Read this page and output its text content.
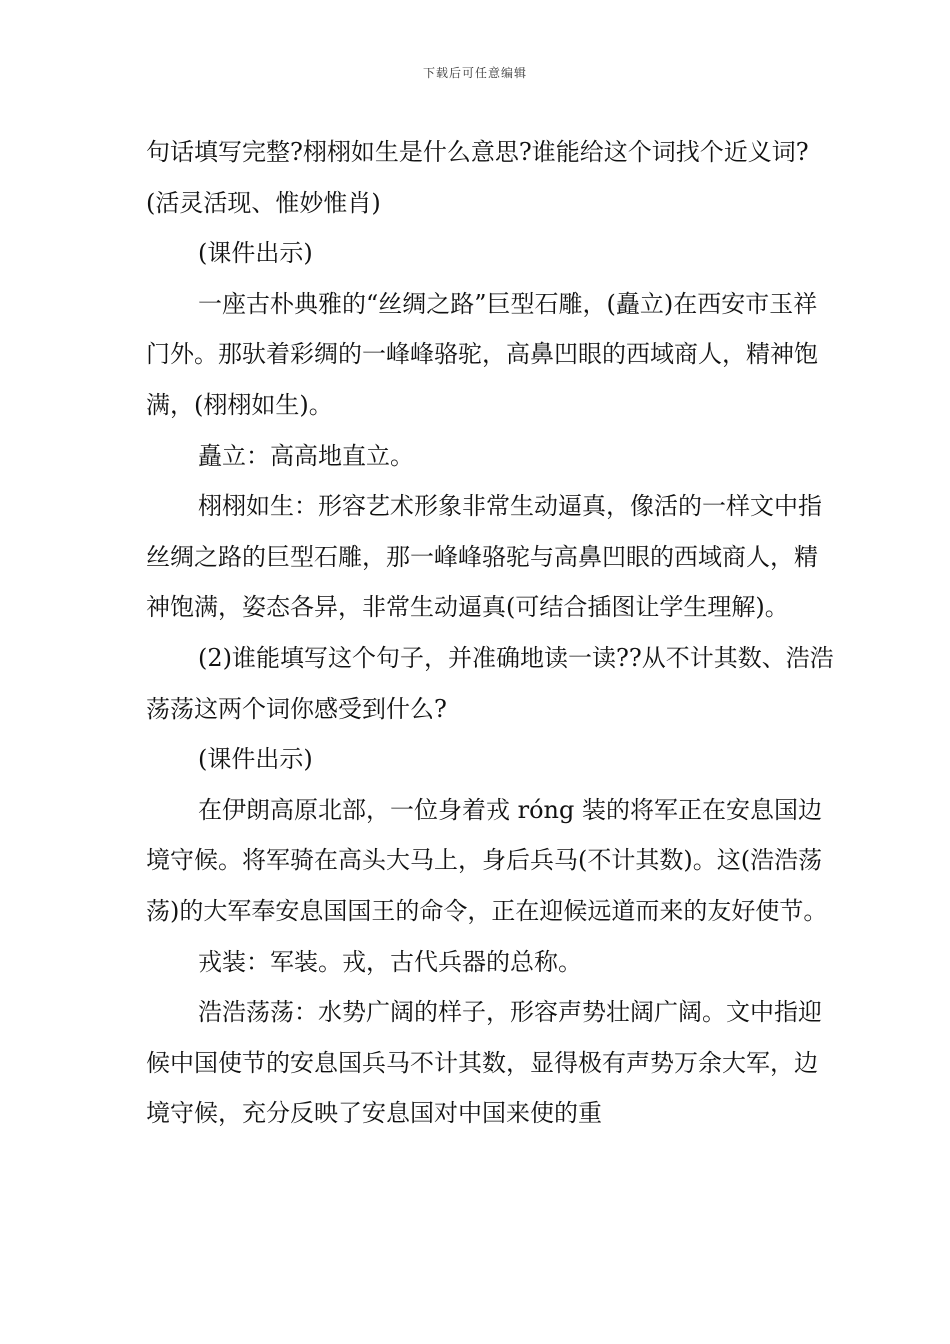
下载后可任意编辑

句话填写完整?栩栩如生是什么意思?谁能给这个词找个近义词?(活灵活现、惟妙惟肖)

(课件出示)

一座古朴典雅的“丝绸之路”巨型石雕，(矗立)在西安市玉祥门外。那驮着彩绸的一峰峰骆驼，高鼻凹眼的西域商人，精神饱满，(栩栩如生)。

矗立：高高地直立。

栩栩如生：形容艺术形象非常生动逼真，像活的一样文中指丝绸之路的巨型石雕，那一峰峰骆驼与高鼻凹眼的西域商人，精神饱满，姿态各异，非常生动逼真(可结合插图让学生理解)。

(2)谁能填写这个句子，并准确地读一读??从不计其数、浩浩荡荡这两个词你感受到什么?

(课件出示)

在伊朗高原北部，一位身着戎 róng 装的将军正在安息国边境守候。将军骑在高头大马上，身后兵马(不计其数)。这(浩浩荡荡)的大军奉安息国国王的命令，正在迎候远道而来的友好使节。

戎装：军装。戎，古代兵器的总称。

浩浩荡荡：水势广阔的样子，形容声势壮阔广阔。文中指迎候中国使节的安息国兵马不计其数，显得极有声势万余大军，边境守候，充分反映了安息国对中国来使的重
